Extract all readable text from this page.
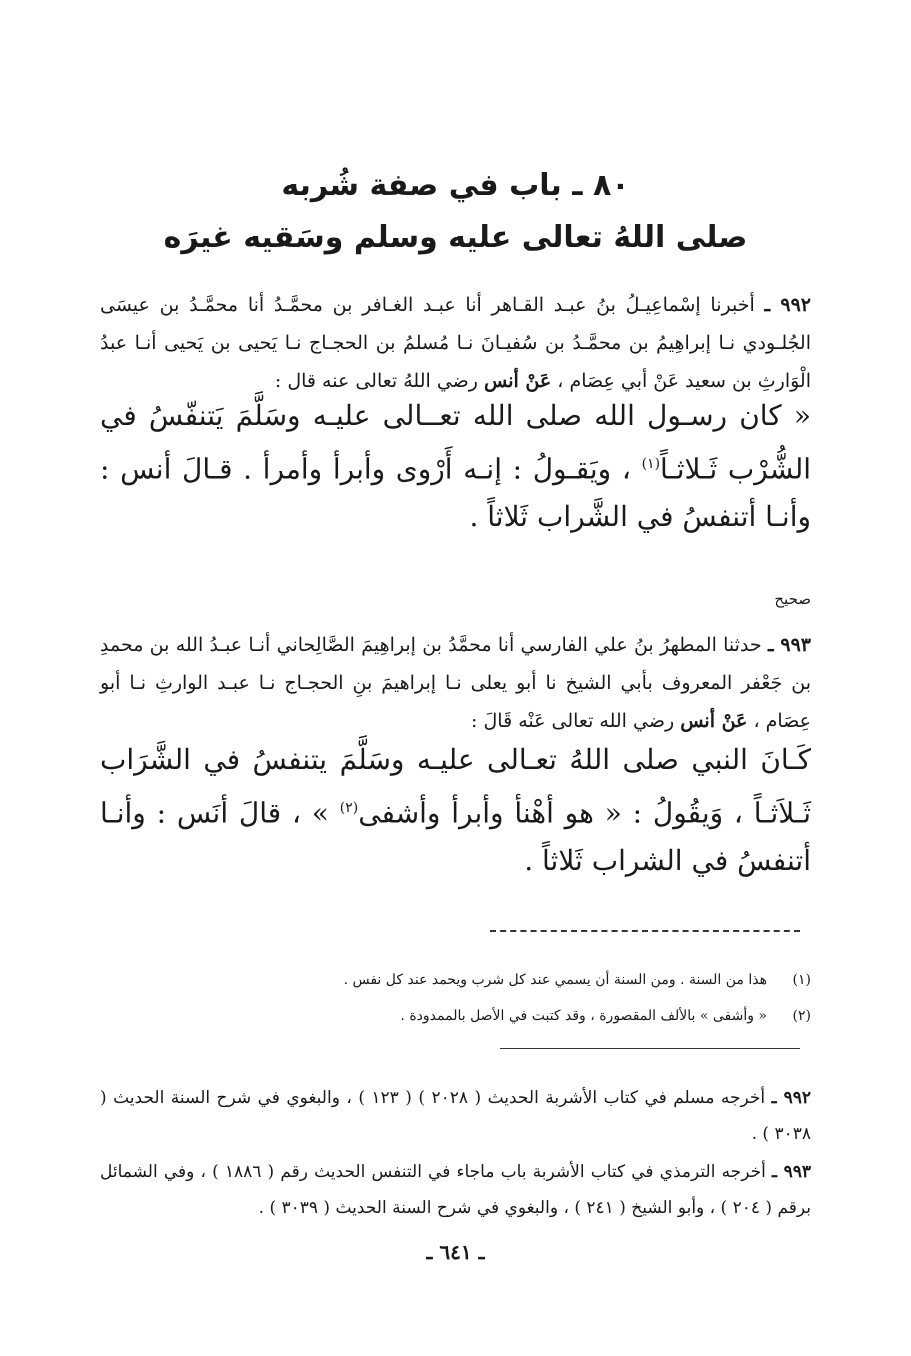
٨٠ ـ باب في صفة شُربه
صلى اللهُ تعالى عليه وسلم وسَقيه غيرَه

٩٩٢ ـ أخبرنا إسْماعِيـلُ بنُ عبـد القـاهر أنا عبـد الغـافر بن محمَّـدُ أنا محمَّـدُ بن عيسَى الجُلـودي نـا إبراهِيمُ بن محمَّـدُ بن سُفيـانَ نـا مُسلمُ بن الحجـاج نـا يَحيى بن يَحيى أنـا عبدُ الْوَارثِ بن سعيد عَنْ أبي عِصَام ، عَنْ أنس رضي اللهُ تعالى عنه قال :

« كان رسـول الله صلى الله تعــالى عليـه وسَلَّمَ يَتنفّسُ في الشُّرْب ثَـلاثـاً$^{(١)}$ ، ويَقـولُ : إنـه أَرْوى وأبرأ وأمرأ . قـالَ أنس : وأنـا أتنفسُ في الشَّراب ثَلاثاً .

صحيح

٩٩٣ ـ حدثنا المطهرُ بنُ علي الفارسي أنا محمَّدُ بن إبراهِيمَ الصَّالِحاني أنـا عبـدُ الله بن محمدِ بن جَعْفر المعروف بأبي الشيخ نا أبو يعلى نـا إبراهيمَ بنِ الحجـاج نـا عبـد الوارثِ نـا أبو عِصَام ، عَنْ أنس رضي الله تعالى عَنْه قَالَ :

كَـانَ النبي صلى اللهُ تعـالى عليـه وسَلَّمَ يتنفسُ في الشَّرَاب ثَـلاَثـاً ، وَيقُولُ : « هو أهْنأ وأبرأ وأشفى$^{(٢)}$ » ، قالَ أنَس : وأنـا أتنفسُ في الشراب ثَلاثاً .

(١)هذا من السنة . ومن السنة أن يسمي عند كل شرب ويحمد عند كل نفس .

(٢)« وأشفى » بالألف المقصورة ، وقد كتبت في الأصل بالممدودة .

٩٩٢ ـ أخرجه مسلم في كتاب الأشربة الحديث ( ٢٠٢٨ ) ( ١٢٣ ) ، والبغوي في شرح السنة الحديث ( ٣٠٣٨ ) .

٩٩٣ ـ أخرجه الترمذي في كتاب الأشربة باب ماجاء في التنفس الحديث رقم ( ١٨٨٦ ) ، وفي الشمائل برقم ( ٢٠٤ ) ، وأبو الشيخ ( ٢٤١ ) ، والبغوي في شرح السنة الحديث ( ٣٠٣٩ ) .

ـ ٦٤١ ـ
